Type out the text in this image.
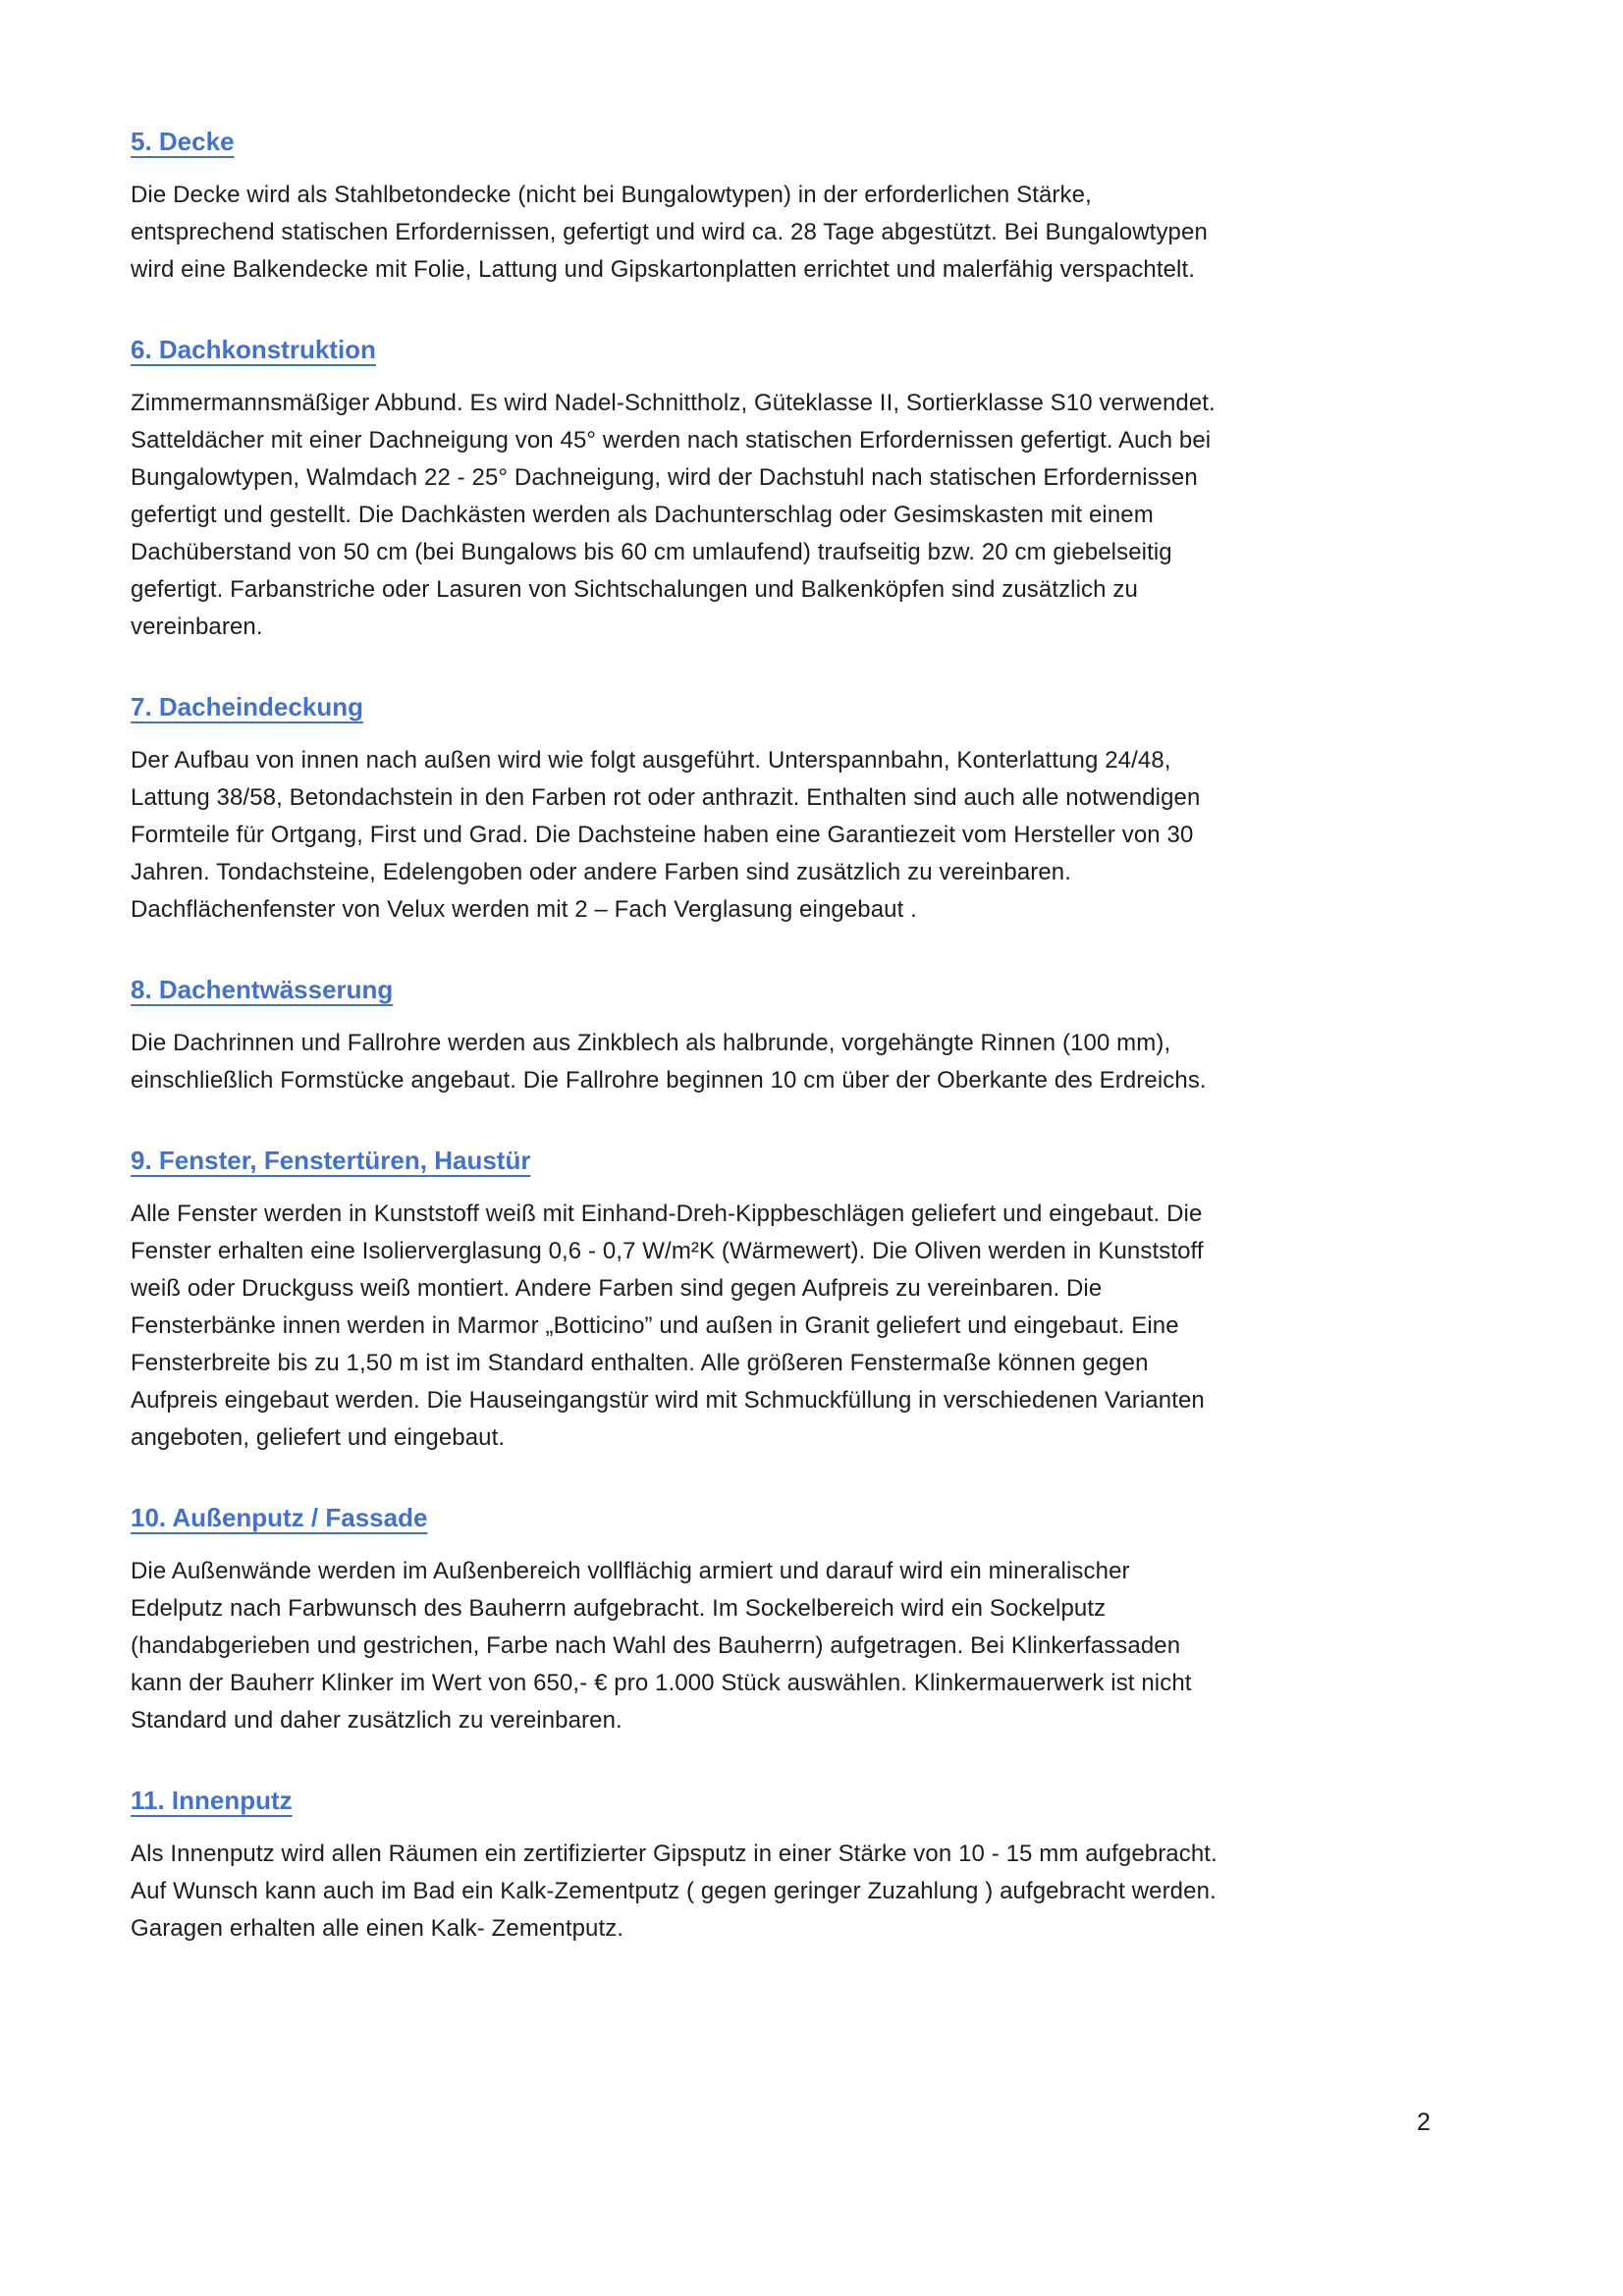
5. Decke

Die Decke wird als Stahlbetondecke (nicht bei Bungalowtypen) in der erforderlichen Stärke, entsprechend statischen Erfordernissen, gefertigt und wird ca. 28 Tage abgestützt. Bei Bungalowtypen wird eine Balkendecke mit Folie, Lattung und Gipskartonplatten errichtet und malerfähig verspachtelt.

6. Dachkonstruktion

Zimmermannsmäßiger Abbund. Es wird Nadel-Schnittholz, Güteklasse II, Sortierklasse S10 verwendet. Satteldächer mit einer Dachneigung von 45° werden nach statischen Erfordernissen gefertigt. Auch bei Bungalowtypen, Walmdach 22 - 25° Dachneigung, wird der Dachstuhl nach statischen Erfordernissen gefertigt und gestellt. Die Dachkästen werden als Dachunterschlag oder Gesimskasten mit einem Dachüberstand von 50 cm (bei Bungalows bis 60 cm umlaufend) traufseitig bzw. 20 cm giebelseitig gefertigt. Farbanstriche oder Lasuren von Sichtschalungen und Balkenköpfen sind zusätzlich zu vereinbaren.

7. Dacheindeckung

Der Aufbau von innen nach außen wird wie folgt ausgeführt. Unterspannbahn, Konterlattung 24/48, Lattung 38/58, Betondachstein in den Farben rot oder anthrazit. Enthalten sind auch alle notwendigen Formteile für Ortgang, First und Grad. Die Dachsteine haben eine Garantiezeit vom Hersteller von 30 Jahren. Tondachsteine, Edelengoben oder andere Farben sind zusätzlich zu vereinbaren. Dachflächenfenster von Velux werden mit 2 – Fach Verglasung eingebaut .

8. Dachentwässerung

Die Dachrinnen und Fallrohre werden aus Zinkblech als halbrunde, vorgehängte Rinnen (100 mm), einschließlich Formstücke angebaut. Die Fallrohre beginnen 10 cm über der Oberkante des Erdreichs.

9. Fenster, Fenstertüren, Haustür

Alle Fenster werden in Kunststoff weiß mit Einhand-Dreh-Kippbeschlägen geliefert und eingebaut. Die Fenster erhalten eine Isolierverglasung 0,6 - 0,7 W/m²K (Wärmewert). Die Oliven werden in Kunststoff weiß oder Druckguss weiß montiert. Andere Farben sind gegen Aufpreis zu vereinbaren. Die Fensterbänke innen werden in Marmor „Botticino” und außen in Granit geliefert und eingebaut. Eine Fensterbreite bis zu 1,50 m ist im Standard enthalten. Alle größeren Fenstermaße können gegen Aufpreis eingebaut werden. Die Hauseingangstür wird mit Schmuckfüllung in verschiedenen Varianten angeboten, geliefert und eingebaut.

10. Außenputz / Fassade

Die Außenwände werden im Außenbereich vollflächig armiert und darauf wird ein mineralischer Edelputz nach Farbwunsch des Bauherrn aufgebracht. Im Sockelbereich wird ein Sockelputz (handabgerieben und gestrichen, Farbe nach Wahl des Bauherrn) aufgetragen. Bei Klinkerfassaden kann der Bauherr Klinker im Wert von 650,- € pro 1.000 Stück auswählen. Klinkermauerwerk ist nicht Standard und daher zusätzlich zu vereinbaren.

11. Innenputz

Als Innenputz wird allen Räumen ein zertifizierter Gipsputz in einer Stärke von 10 - 15 mm aufgebracht. Auf Wunsch kann auch im Bad ein Kalk-Zementputz ( gegen geringer Zuzahlung ) aufgebracht werden. Garagen erhalten alle einen Kalk- Zementputz.

2
